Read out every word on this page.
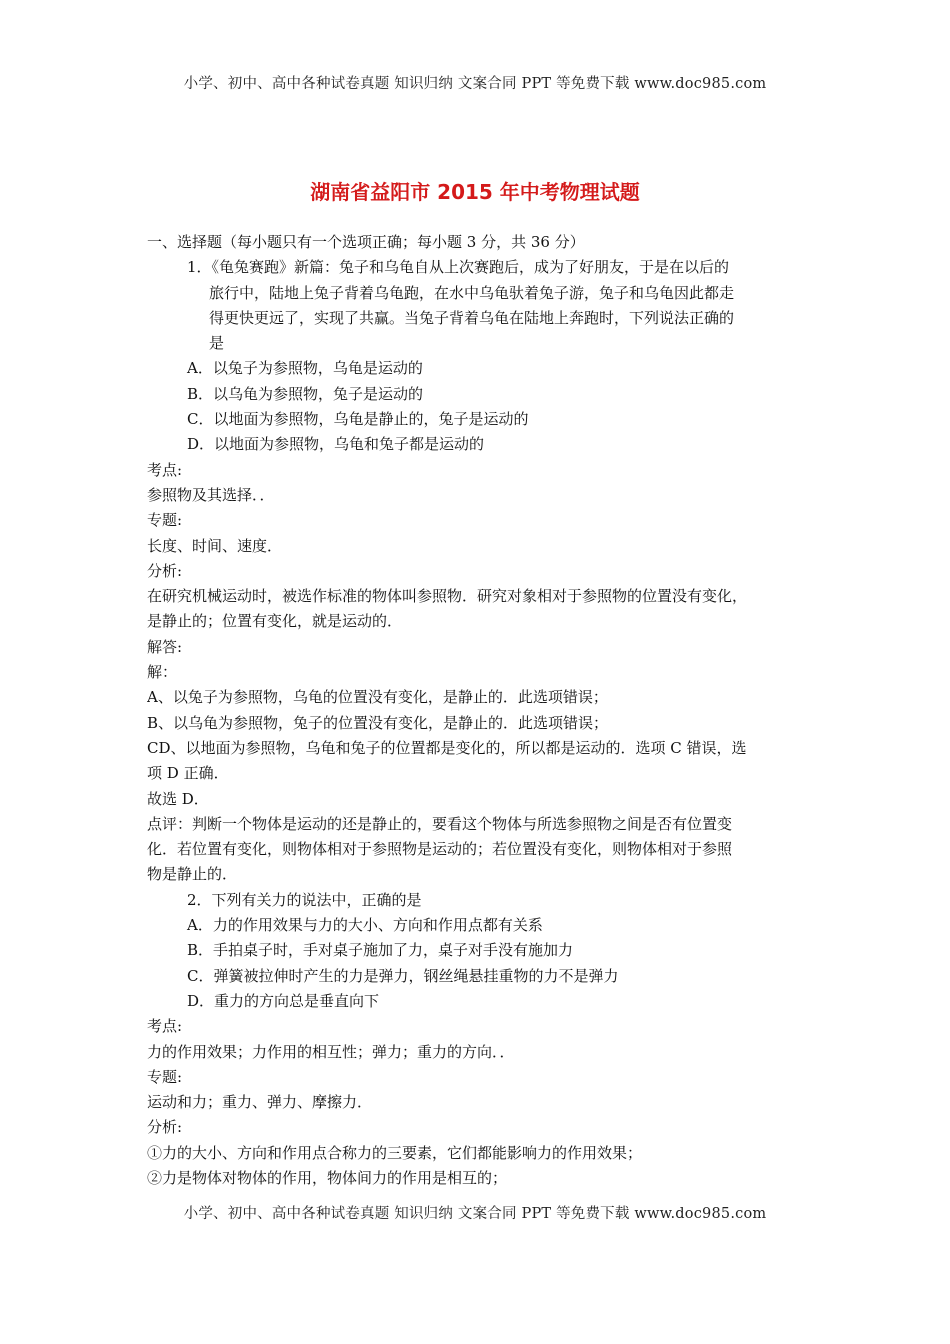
小学、初中、高中各种试卷真题 知识归纳 文案合同 PPT 等免费下载 www.doc985.com
湖南省益阳市 2015 年中考物理试题
一、选择题（每小题只有一个选项正确；每小题 3 分，共 36 分）
1．《龟兔赛跑》新篇：兔子和乌龟自从上次赛跑后，成为了好朋友，于是在以后的
旅行中，陆地上兔子背着乌龟跑，在水中乌龟驮着兔子游，兔子和乌龟因此都走
得更快更远了，实现了共赢。当兔子背着乌龟在陆地上奔跑时，下列说法正确的
是
A．以兔子为参照物，乌龟是运动的
B．以乌龟为参照物，兔子是运动的
C．以地面为参照物，乌龟是静止的，兔子是运动的
D．以地面为参照物，乌龟和兔子都是运动的
考点:
参照物及其选择．．
专题:
长度、时间、速度．
分析:
在研究机械运动时，被选作标准的物体叫参照物．研究对象相对于参照物的位置没有变化，
是静止的；位置有变化，就是运动的．
解答:
解：
A、以兔子为参照物，乌龟的位置没有变化，是静止的．此选项错误；
B、以乌龟为参照物，兔子的位置没有变化，是静止的．此选项错误；
CD、以地面为参照物，乌龟和兔子的位置都是变化的，所以都是运动的．选项 C 错误，选
项 D 正确．
故选 D．
点评：判断一个物体是运动的还是静止的，要看这个物体与所选参照物之间是否有位置变
化．若位置有变化，则物体相对于参照物是运动的；若位置没有变化，则物体相对于参照
物是静止的．
2．下列有关力的说法中，正确的是
A．力的作用效果与力的大小、方向和作用点都有关系
B．手拍桌子时，手对桌子施加了力，桌子对手没有施加力
C．弹簧被拉伸时产生的力是弹力，钢丝绳悬挂重物的力不是弹力
D．重力的方向总是垂直向下
考点:
力的作用效果；力作用的相互性；弹力；重力的方向．．
专题:
运动和力；重力、弹力、摩擦力．
分析:
①力的大小、方向和作用点合称力的三要素，它们都能影响力的作用效果；
②力是物体对物体的作用，物体间力的作用是相互的；
小学、初中、高中各种试卷真题 知识归纳 文案合同 PPT 等免费下载 www.doc985.com
